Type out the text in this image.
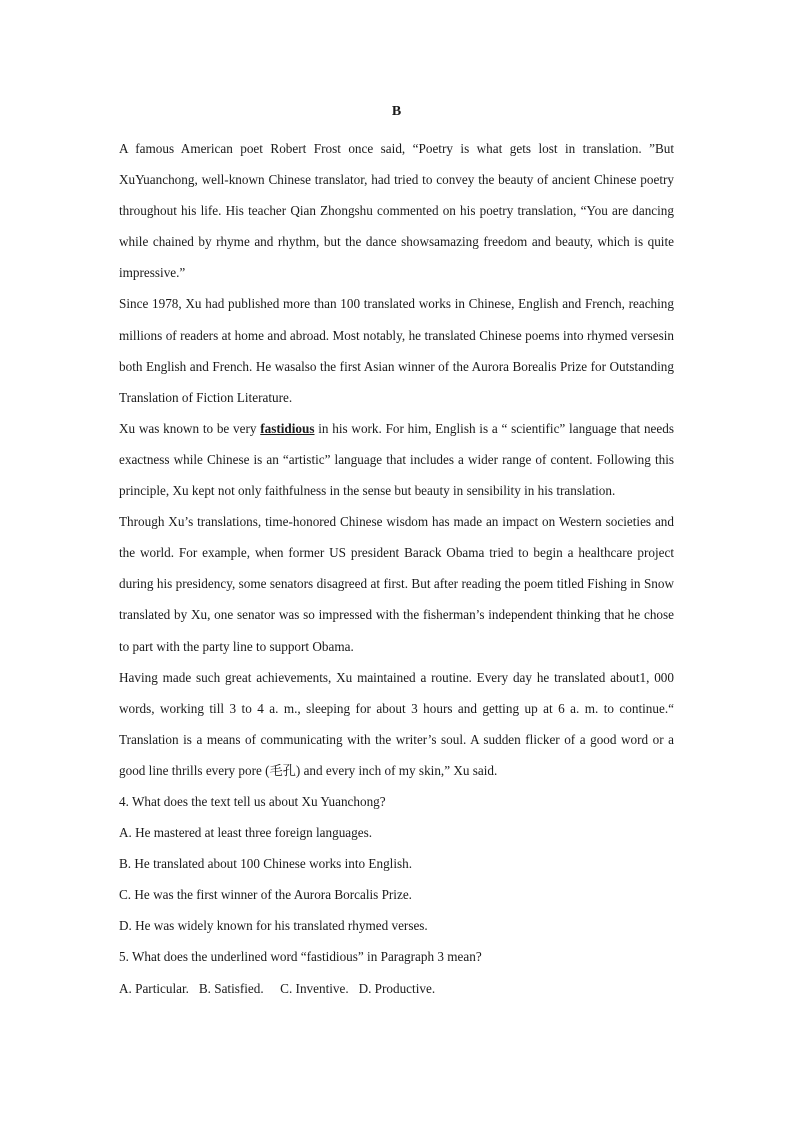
B

A famous American poet Robert Frost once said, “Poetry is what gets lost in translation. ”But XuYuanchong, well-known Chinese translator, had tried to convey the beauty of ancient Chinese poetry throughout his life. His teacher Qian Zhongshu commented on his poetry translation, “You are dancing while chained by rhyme and rhythm, but the dance showsamazing freedom and beauty, which is quite impressive.”

Since 1978, Xu had published more than 100 translated works in Chinese, English and French, reaching millions of readers at home and abroad. Most notably, he translated Chinese poems into rhymed versesin both English and French. He wasalso the first Asian winner of the Aurora Borealis Prize for Outstanding Translation of Fiction Literature.

Xu was known to be very fastidious in his work. For him, English is a “ scientific” language that needs exactness while Chinese is an “artistic” language that includes a wider range of content. Following this principle, Xu kept not only faithfulness in the sense but beauty in sensibility in his translation.

Through Xu’s translations, time-honored Chinese wisdom has made an impact on Western societies and the world. For example, when former US president Barack Obama tried to begin a healthcare project during his presidency, some senators disagreed at first. But after reading the poem titled Fishing in Snow translated by Xu, one senator was so impressed with the fisherman’s independent thinking that he chose to part with the party line to support Obama.

Having made such great achievements, Xu maintained a routine. Every day he translated about1, 000 words, working till 3 to 4 a. m., sleeping for about 3 hours and getting up at 6 a. m. to continue.“ Translation is a means of communicating with the writer’s soul. A sudden flicker of a good word or a good line thrills every pore (毛孔) and every inch of my skin,” Xu said.

4. What does the text tell us about Xu Yuanchong?

A. He mastered at least three foreign languages.

B. He translated about 100 Chinese works into English.

C. He was the first winner of the Aurora Borcalis Prize.

D. He was widely known for his translated rhymed verses.

5. What does the underlined word “fastidious” in Paragraph 3 mean?

A. Particular. B. Satisfied. C. Inventive. D. Productive.
